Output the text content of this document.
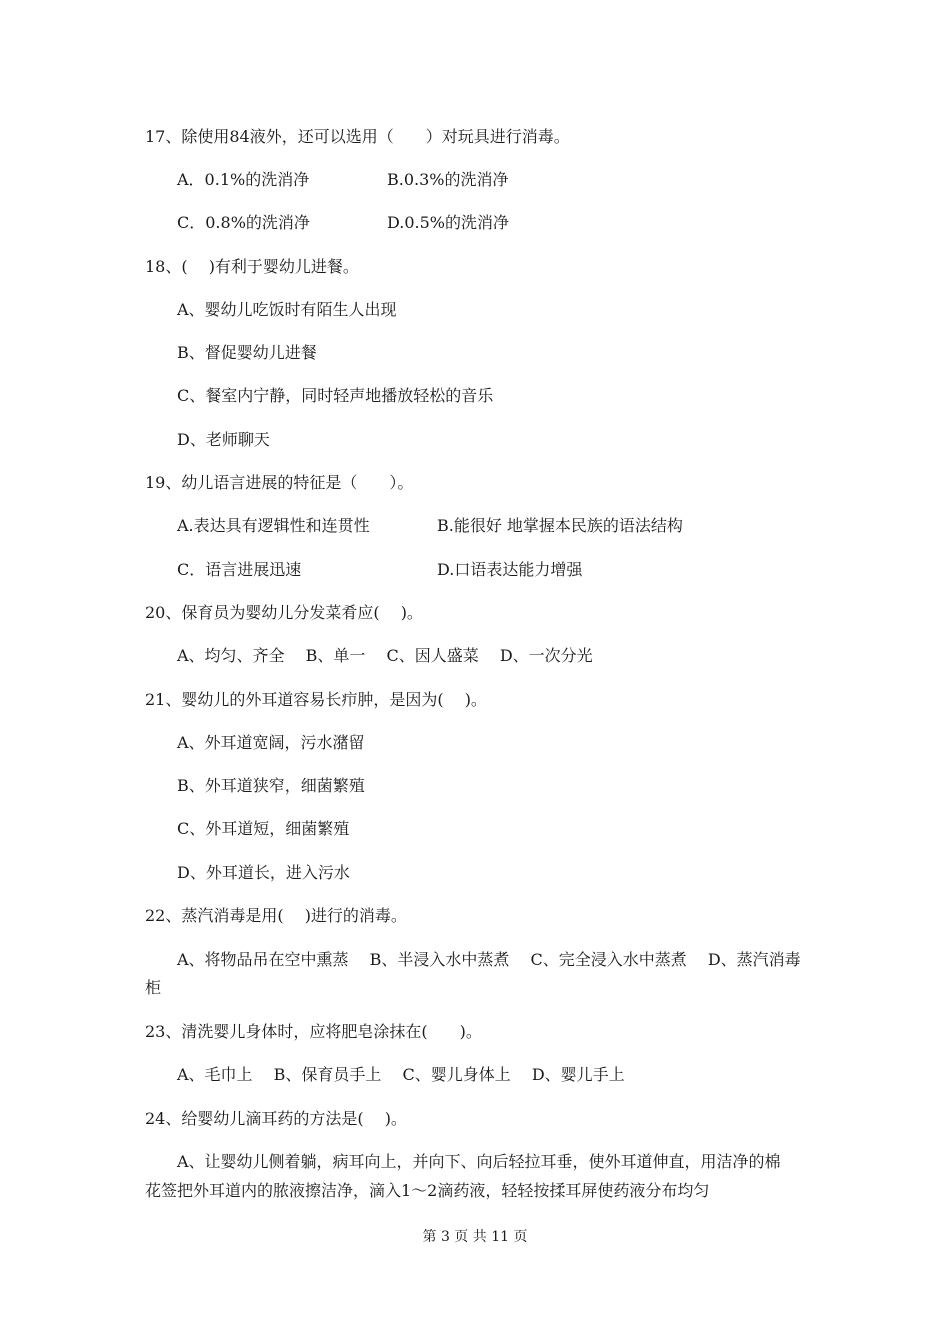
17、除使用84液外，还可以选用（　　）对玩具进行消毒。
A．0.1%的洗消净	B.0.3%的洗消净
C．0.8%的洗消净	D.0.5%的洗消净
18、(　 )有利于婴幼儿进餐。
A、婴幼儿吃饭时有陌生人出现
B、督促婴幼儿进餐
C、餐室内宁静，同时轻声地播放轻松的音乐
D、老师聊天
19、幼儿语言进展的特征是（　　）。
A.表达具有逻辑性和连贯性	B.能很好 地掌握本民族的语法结构
C．语言进展迅速	D.口语表达能力增强
20、保育员为婴幼儿分发菜肴应(　 )。
A、均匀、齐全　 B、单一　 C、因人盛菜　 D、一次分光
21、婴幼儿的外耳道容易长疖肿，是因为(　 )。
A、外耳道宽阔，污水潴留
B、外耳道狭窄，细菌繁殖
C、外耳道短，细菌繁殖
D、外耳道长，进入污水
22、蒸汽消毒是用(　 )进行的消毒。
A、将物品吊在空中熏蒸　 B、半浸入水中蒸煮　 C、完全浸入水中蒸煮　 D、蒸汽消毒
柜
23、清洗婴儿身体时，应将肥皂涂抹在(　　)。
A、毛巾上　 B、保育员手上　 C、婴儿身体上　 D、婴儿手上
24、给婴幼儿滴耳药的方法是(　 )。
A、让婴幼儿侧着躺，病耳向上，并向下、向后轻拉耳垂，使外耳道伸直，用洁净的棉
花签把外耳道内的脓液擦洁净，滴入1～2滴药液，轻轻按揉耳屏使药液分布均匀
第 3 页 共 11 页
